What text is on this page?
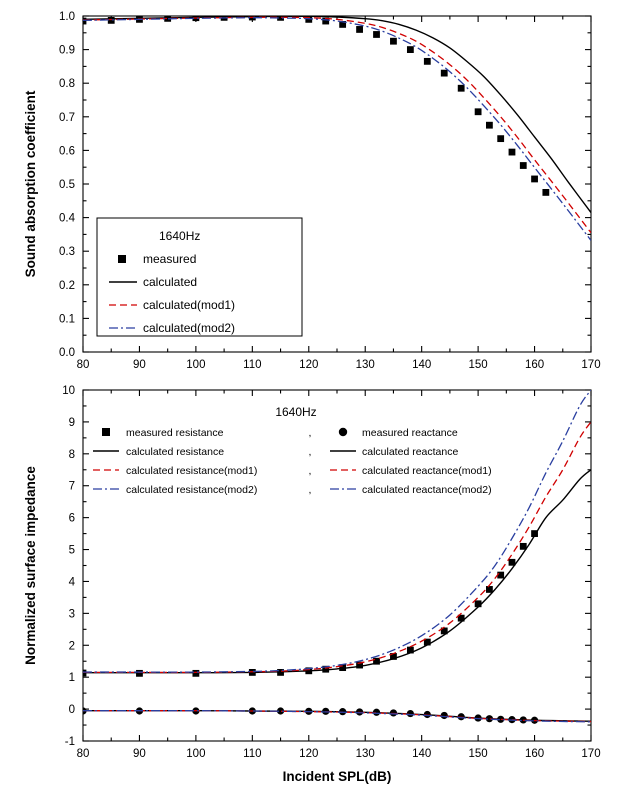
80	90	100	110	120	130	140	150	160	170
0.0
0.1
0.2
0.3
0.4
0.5
0.6
0.7
0.8
0.9
1.0
Sound absorption coefficient
80	90	100	110	120	130	140	150	160	170
-1
0
1
2
3
4
5
6
7
8
9
10
Normalized surface impedance
Incident SPL(dB)
1640Hz
measured
calculated
calculated(mod1)
calculated(mod2)
1640Hz
measured resistance	,	measured reactance
calculated resistance	,	calculated reactance
calculated resistance(mod1)	,	calculated reactance(mod1)
calculated resistance(mod2)	,	calculated reactance(mod2)
